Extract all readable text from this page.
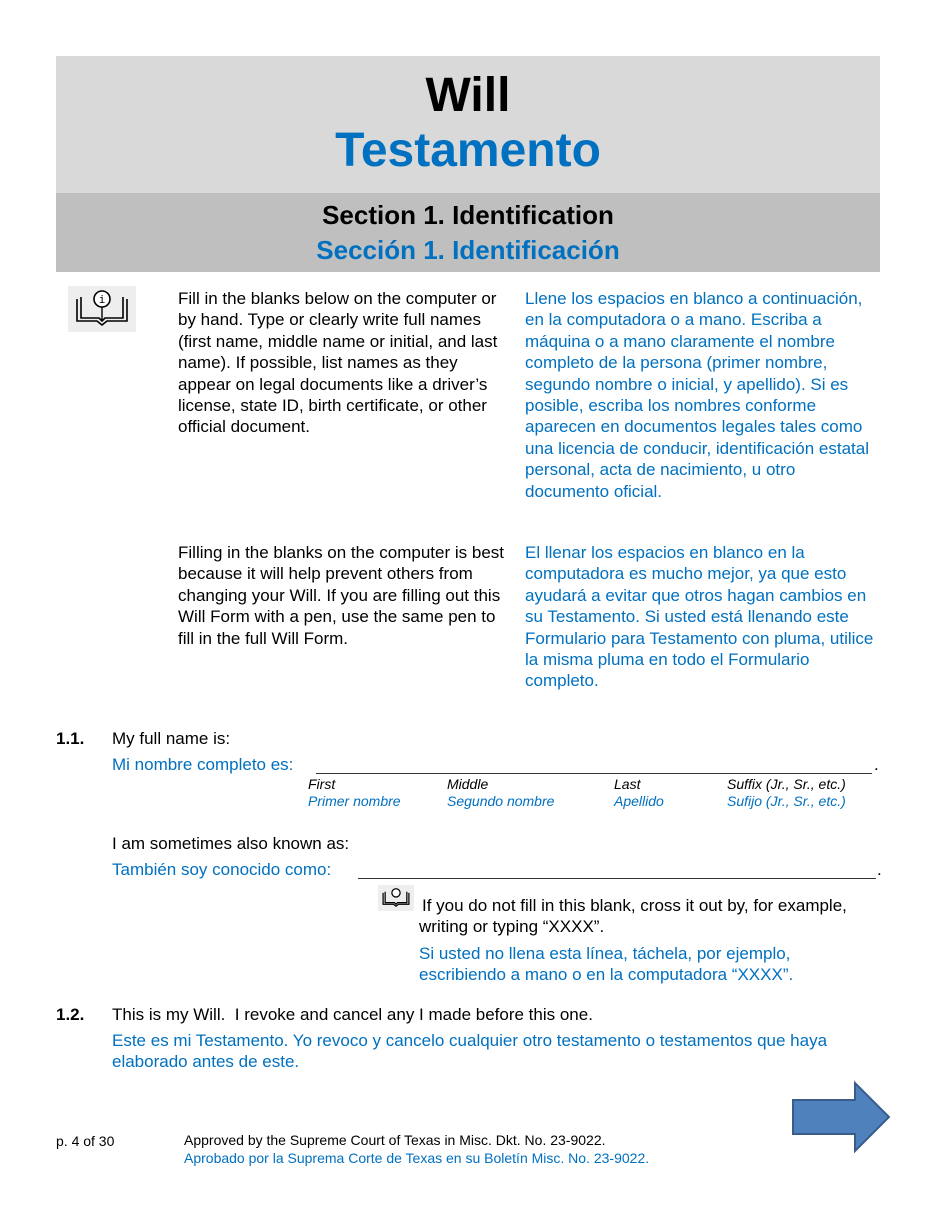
Will
Testamento
Section 1. Identification
Sección 1. Identificación
i	Fill in the blanks below on the computer or by hand. Type or clearly write full names (first name, middle name or initial, and last name). If possible, list names as they appear on legal documents like a driver’s license, state ID, birth certificate, or other official document.
Llene los espacios en blanco a continuación, en la computadora o a mano. Escriba a máquina o a mano claramente el nombre completo de la persona (primer nombre, segundo nombre o inicial, y apellido). Si es posible, escriba los nombres conforme aparecen en documentos legales tales como una licencia de conducir, identificación estatal personal, acta de nacimiento, u otro documento oficial.
Filling in the blanks on the computer is best because it will help prevent others from changing your Will. If you are filling out this Will Form with a pen, use the same pen to fill in the full Will Form.
El llenar los espacios en blanco en la computadora es mucho mejor, ya que esto ayudará a evitar que otros hagan cambios en su Testamento. Si usted está llenando este Formulario para Testamento con pluma, utilice la misma pluma en todo el Formulario completo.
1.1. My full name is:
Mi nombre completo es:	.
First	Middle	Last	Suffix (Jr., Sr., etc.)
Primer nombre	Segundo nombre	Apellido	Sufijo (Jr., Sr., etc.)
I am sometimes also known as:
También soy conocido como:	.
If you do not fill in this blank, cross it out by, for example, writing or typing “XXXX”.
Si usted no llena esta línea, táchela, por ejemplo, escribiendo a mano o en la computadora “XXXX”.
1.2. This is my Will.  I revoke and cancel any I made before this one.
Este es mi Testamento. Yo revoco y cancelo cualquier otro testamento o testamentos que haya elaborado antes de este.
p. 4 of 30	Approved by the Supreme Court of Texas in Misc. Dkt. No. 23-9022.
Aprobado por la Suprema Corte de Texas en su Boletín Misc. No. 23-9022.
